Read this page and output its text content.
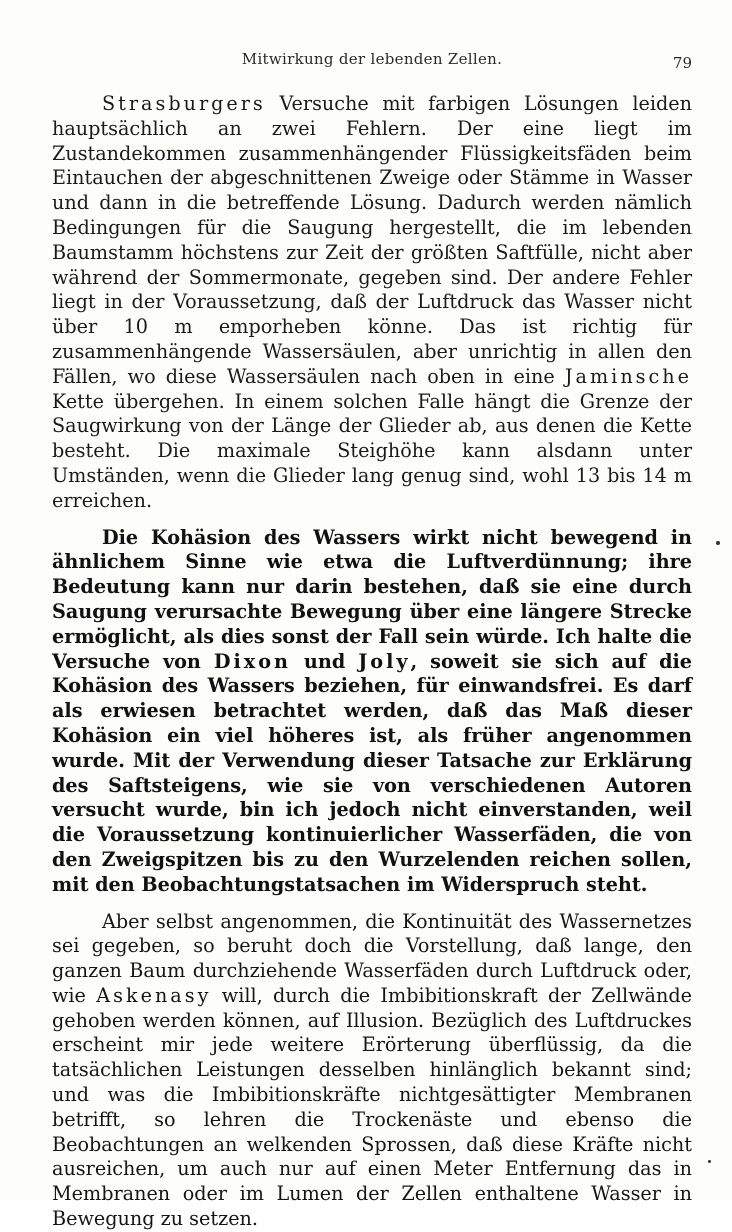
Mitwirkung der lebenden Zellen.	79

Strasburgers Versuche mit farbigen Lösungen leiden hauptsächlich an zwei Fehlern. Der eine liegt im Zustandekommen zusammenhängender Flüssigkeitsfäden beim Eintauchen der abgeschnittenen Zweige oder Stämme in Wasser und dann in die betreffende Lösung. Dadurch werden nämlich Bedingungen für die Saugung hergestellt, die im lebenden Baumstamm höchstens zur Zeit der größten Saftfülle, nicht aber während der Sommermonate, gegeben sind. Der andere Fehler liegt in der Voraussetzung, daß der Luftdruck das Wasser nicht über 10 m emporheben könne. Das ist richtig für zusammenhängende Wassersäulen, aber unrichtig in allen den Fällen, wo diese Wassersäulen nach oben in eine Jaminsche Kette übergehen. In einem solchen Falle hängt die Grenze der Saugwirkung von der Länge der Glieder ab, aus denen die Kette besteht. Die maximale Steighöhe kann alsdann unter Umständen, wenn die Glieder lang genug sind, wohl 13 bis 14 m erreichen.

Die Kohäsion des Wassers wirkt nicht bewegend in ähnlichem Sinne wie etwa die Luftverdünnung; ihre Bedeutung kann nur darin bestehen, daß sie eine durch Saugung verursachte Bewegung über eine längere Strecke ermöglicht, als dies sonst der Fall sein würde. Ich halte die Versuche von Dixon und Joly, soweit sie sich auf die Kohäsion des Wassers beziehen, für einwandsfrei. Es darf als erwiesen betrachtet werden, daß das Maß dieser Kohäsion ein viel höheres ist, als früher angenommen wurde. Mit der Verwendung dieser Tatsache zur Erklärung des Saftsteigens, wie sie von verschiedenen Autoren versucht wurde, bin ich jedoch nicht einverstanden, weil die Voraussetzung kontinuierlicher Wasserfäden, die von den Zweigspitzen bis zu den Wurzelenden reichen sollen, mit den Beobachtungstatsachen im Widerspruch steht.

Aber selbst angenommen, die Kontinuität des Wassernetzes sei gegeben, so beruht doch die Vorstellung, daß lange, den ganzen Baum durchziehende Wasserfäden durch Luftdruck oder, wie Askenasy will, durch die Imbibitionskraft der Zellwände gehoben werden können, auf Illusion. Bezüglich des Luftdruckes erscheint mir jede weitere Erörterung überflüssig, da die tatsächlichen Leistungen desselben hinlänglich bekannt sind; und was die Imbibitionskräfte nichtgesättigter Membranen betrifft, so lehren die Trockenäste und ebenso die Beobachtungen an welkenden Sprossen, daß diese Kräfte nicht ausreichen, um auch nur auf einen Meter Entfernung das in Membranen oder im Lumen der Zellen enthaltene Wasser in Bewegung zu setzen.
